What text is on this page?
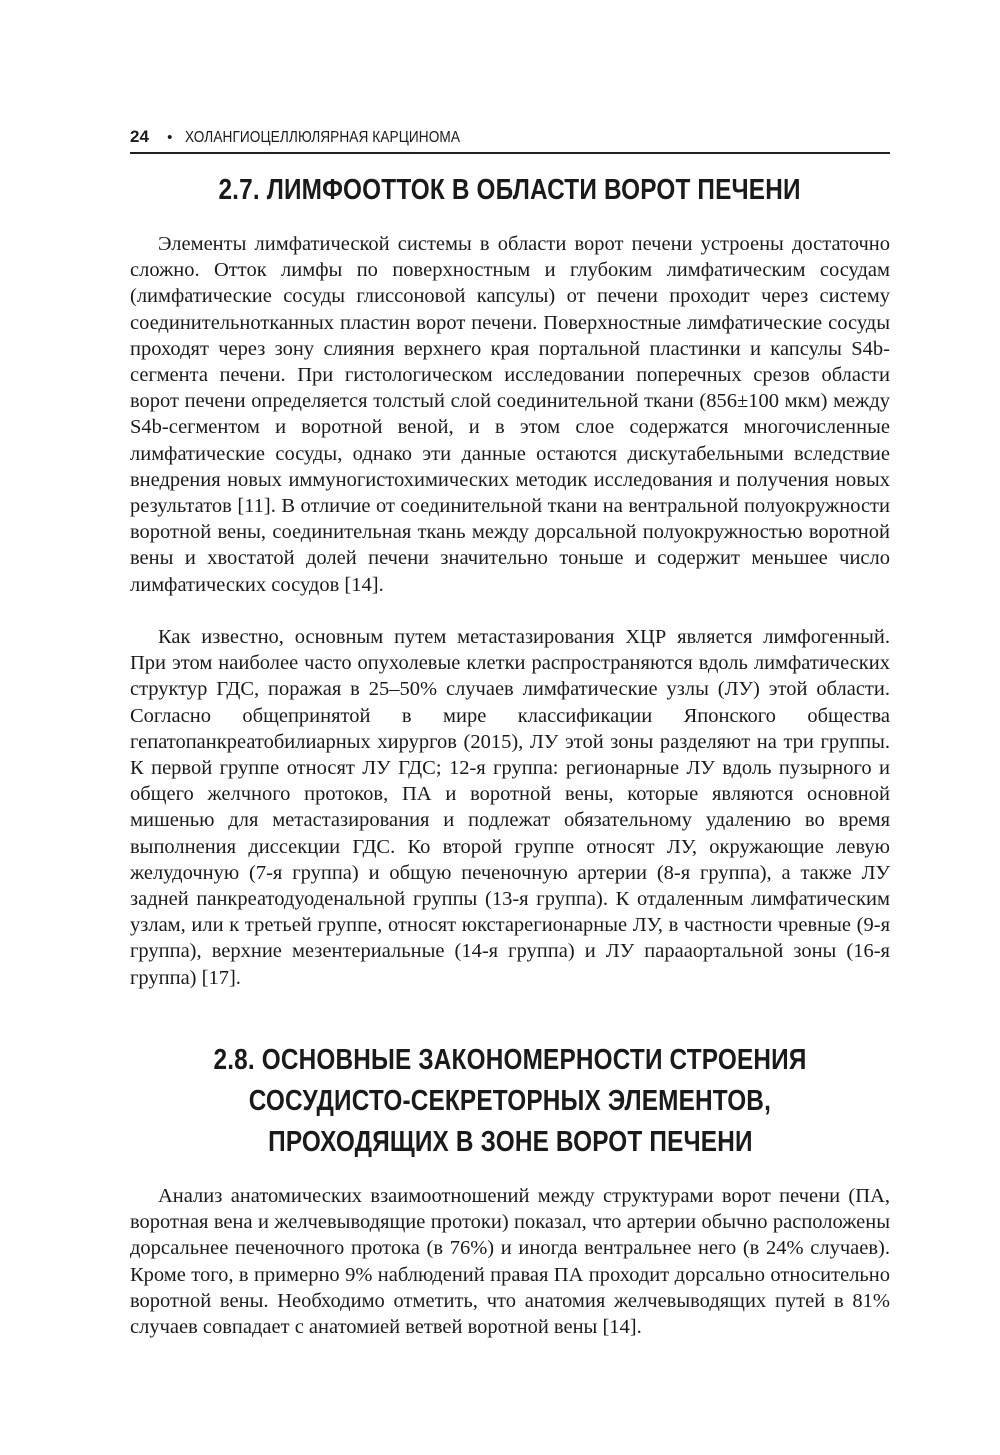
24 • ХОЛАНГИОЦЕЛЛЮЛЯРНАЯ КАРЦИНОМА
2.7. ЛИМФООТТОК В ОБЛАСТИ ВОРОТ ПЕЧЕНИ

Элементы лимфатической системы в области ворот печени устроены достаточно сложно. Отток лимфы по поверхностным и глубоким лимфатическим сосудам (лимфатические сосуды глиссоновой капсулы) от печени проходит через систему соединительнотканных пластин ворот печени. Поверхностные лимфатические сосуды проходят через зону слияния верхнего края портальной пластинки и капсулы S4b-сегмента печени. При гистологическом исследовании поперечных срезов области ворот печени определяется толстый слой соединительной ткани (856±100 мкм) между S4b-сегментом и воротной веной, и в этом слое содержатся многочисленные лимфатические сосуды, однако эти данные остаются дискутабельными вследствие внедрения новых иммуногистохимических методик исследования и получения новых результатов [11]. В отличие от соединительной ткани на вентральной полуокружности воротной вены, соединительная ткань между дорсальной полуокружностью воротной вены и хвостатой долей печени значительно тоньше и содержит меньшее число лимфатических сосудов [14].

Как известно, основным путем метастазирования ХЦР является лимфогенный. При этом наиболее часто опухолевые клетки распространяются вдоль лимфатических структур ГДС, поражая в 25–50% случаев лимфатические узлы (ЛУ) этой области. Согласно общепринятой в мире классификации Японского общества гепатопанкреатобилиарных хирургов (2015), ЛУ этой зоны разделяют на три группы. К первой группе относят ЛУ ГДС; 12-я группа: регионарные ЛУ вдоль пузырного и общего желчного протоков, ПА и воротной вены, которые являются основной мишенью для метастазирования и подлежат обязательному удалению во время выполнения диссекции ГДС. Ко второй группе относят ЛУ, окружающие левую желудочную (7-я группа) и общую печеночную артерии (8-я группа), а также ЛУ задней панкреатодуоденальной группы (13-я группа). К отдаленным лимфатическим узлам, или к третьей группе, относят юкстарегионарные ЛУ, в частности чревные (9-я группа), верхние мезентериальные (14-я группа) и ЛУ парааортальной зоны (16-я группа) [17].

2.8. ОСНОВНЫЕ ЗАКОНОМЕРНОСТИ СТРОЕНИЯ
СОСУДИСТО-СЕКРЕТОРНЫХ ЭЛЕМЕНТОВ,
ПРОХОДЯЩИХ В ЗОНЕ ВОРОТ ПЕЧЕНИ

Анализ анатомических взаимоотношений между структурами ворот печени (ПА, воротная вена и желчевыводящие протоки) показал, что артерии обычно расположены дорсальнее печеночного протока (в 76%) и иногда вентральнее него (в 24% случаев). Кроме того, в примерно 9% наблюдений правая ПА проходит дорсально относительно воротной вены. Необходимо отметить, что анатомия желчевыводящих путей в 81% случаев совпадает с анатомией ветвей воротной вены [14].
